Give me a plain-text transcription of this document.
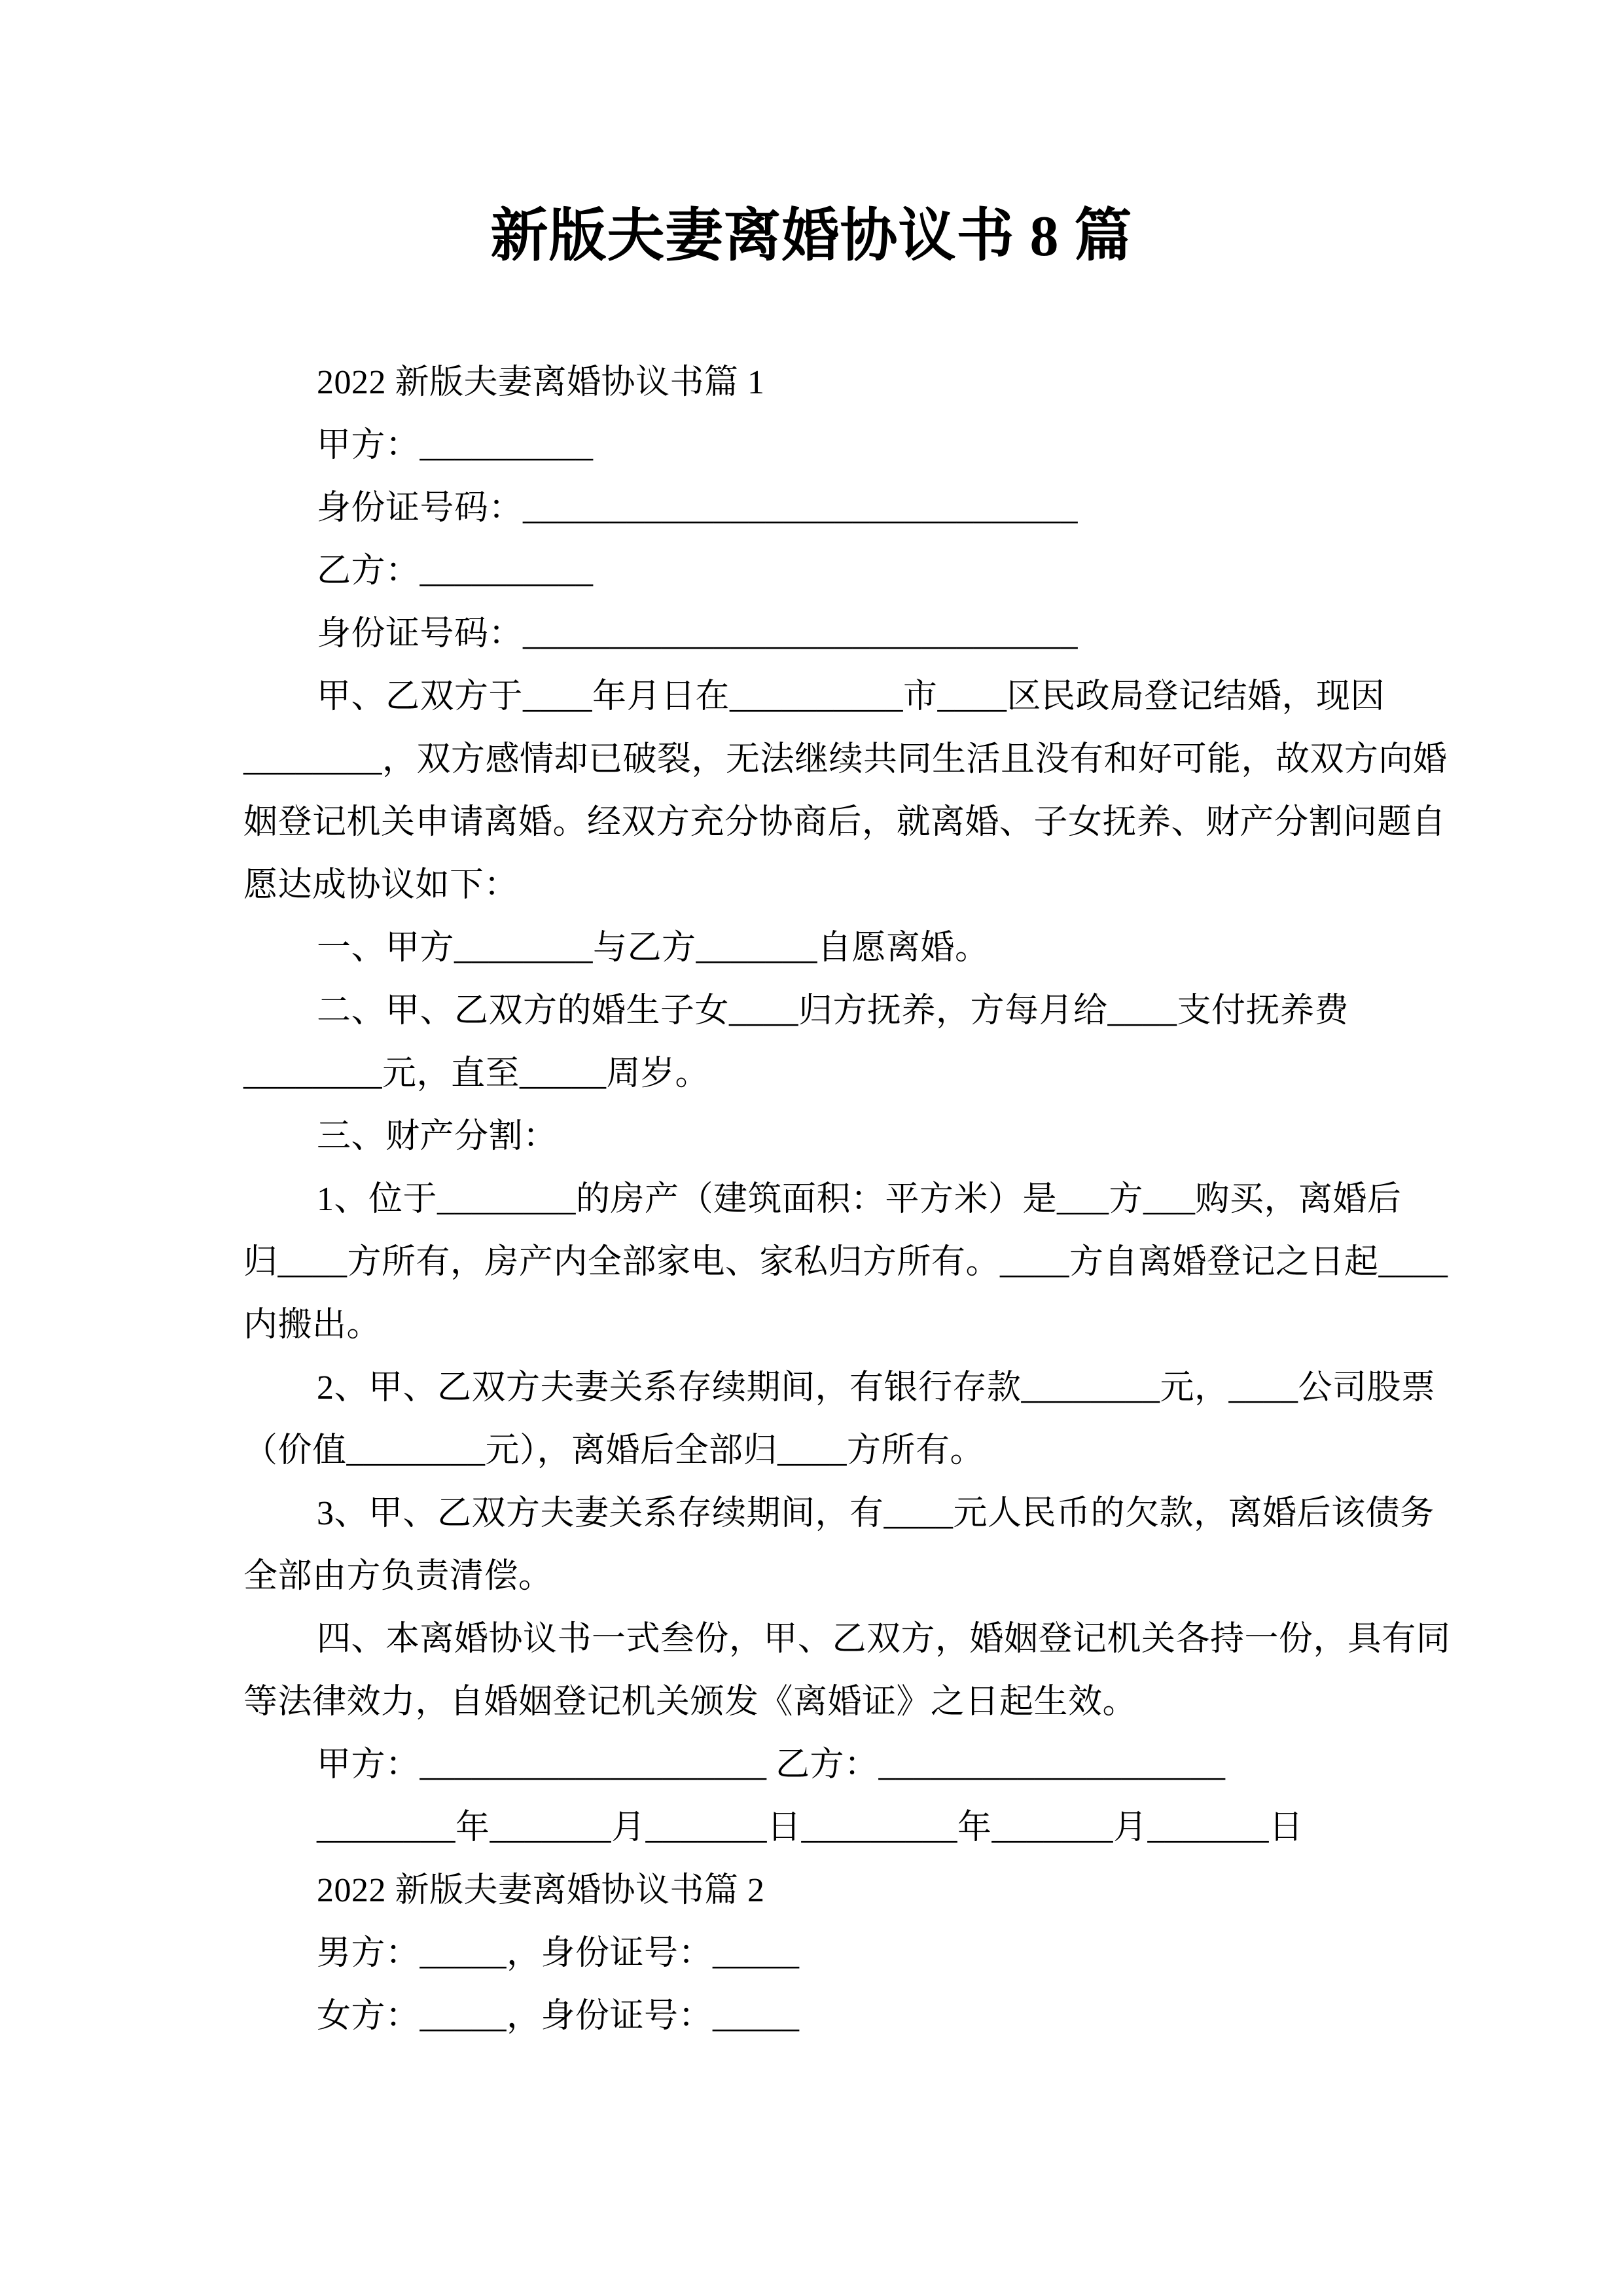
新版夫妻离婚协议书 8 篇
2022 新版夫妻离婚协议书篇 1
甲方：__________
身份证号码：________________________________
乙方：__________
身份证号码：________________________________
甲、乙双方于____年月日在__________市____区民政局登记结婚，现因
________，双方感情却已破裂，无法继续共同生活且没有和好可能，故双方向婚
姻登记机关申请离婚。经双方充分协商后，就离婚、子女抚养、财产分割问题自
愿达成协议如下：
一、甲方________与乙方_______自愿离婚。
二、甲、乙双方的婚生子女____归方抚养，方每月给____支付抚养费
________元，直至_____周岁。
三、财产分割：
1、位于________的房产（建筑面积：平方米）是___方___购买，离婚后
归____方所有，房产内全部家电、家私归方所有。____方自离婚登记之日起____
内搬出。
2、甲、乙双方夫妻关系存续期间，有银行存款________元，____公司股票
（价值________元），离婚后全部归____方所有。
3、甲、乙双方夫妻关系存续期间，有____元人民币的欠款，离婚后该债务
全部由方负责清偿。
四、本离婚协议书一式叁份，甲、乙双方，婚姻登记机关各持一份，具有同
等法律效力，自婚姻登记机关颁发《离婚证》之日起生效。
甲方：____________________ 乙方：____________________
________年_______月_______日_________年_______月_______日
2022 新版夫妻离婚协议书篇 2
男方：_____，身份证号：_____
女方：_____，身份证号：_____
